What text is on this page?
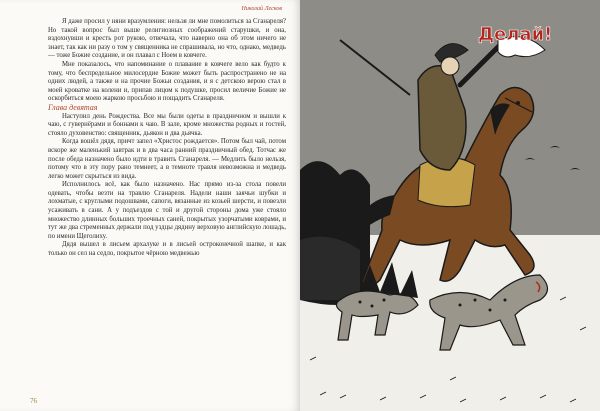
Николай Лесков

Я даже просил у няни вразумления: нельзя ли мне помолиться за Сганареля? Но такой вопрос был выше религиозных соображений старушки, и она, вздохнувши и кресть рот рукою, отвечала, что наверно она об этом ничего не знает, так как ни разу о том у священника не спрашивала, но что, однако, медведь — тоже Божие создание, и он плавал с Ноем в ковчеге.

Мне показалось, что напоминание о плавание в ковчеге вело как будто к тому, что беспредельное милосердие Божие может быть распространено не на одних людей, а также и на прочие Божьи создания, и я с детскою верою стал в моей кроватке на колени и, припав лицом к подушке, просил величие Божие не оскорбиться моею жаркою просьбою и пощадить Сганареля.

Глава девятая

Наступил день Рождества. Все мы были одеты в праздничном и вышли к чаю, с гувернёрами и боннами к чаю. В зале, кроме множества родных и гостей, стояло духовенство: священник, дьякон и два дьячка.

Когда вошёл дядя, причт запел «Христос рождается». Потом был чай, потом вскоре же маленький завтрак и в два часа ранний праздничный обед. Тотчас же после обеда назначено было идти в травить Сганареля. — Медлить было нельзя, потому что в эту пору рано темнеет, а в темноте травля невозможна и медведь легко может скрыться из вида.

Исполнилось всё, как было назначено. Нас прямо из-за стола повели одевать, чтобы везти на травлю Сганареля. Надели наши заячьи шубки и лохматые, с круглыми подошвами, сапоги, вязанные из козьей шерсти, и повезли усаживать в сани. А у подъездов с той и другой стороны дома уже стояло множество длинных больших троечных саней, покрытых узорчатыми коврами, и тут же два стременных держали под уздцы дядину верховую английскую лошадь, по имени Щеголиху.

Дядя вышел в лисьем архалуке и в лисьей остроконечной шапке, и как только он сел на седло, покрытое чёрною медвежью

76
Делай!
